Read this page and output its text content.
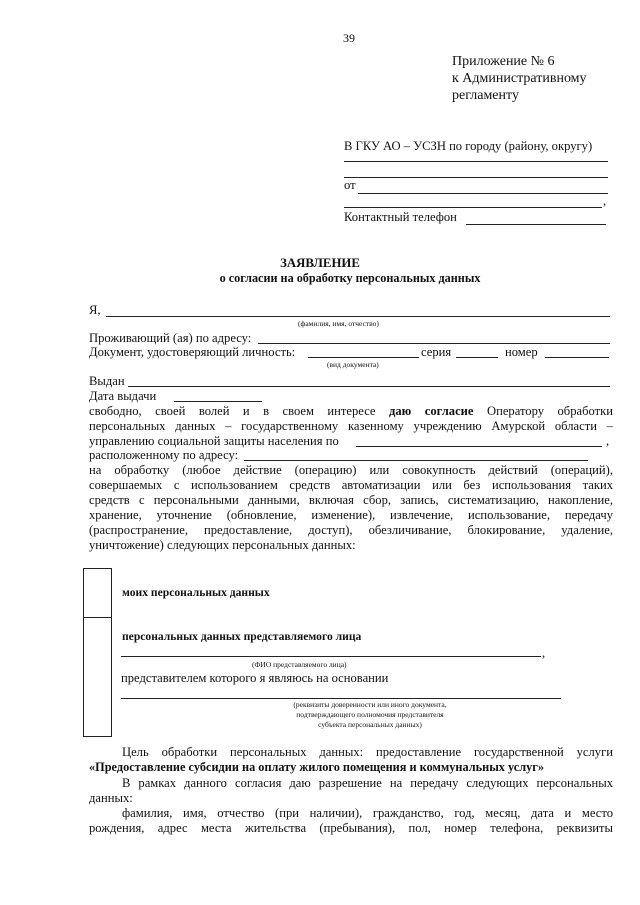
39
Приложение № 6
к Административному
регламенту
В ГКУ АО – УСЗН по городу (району, округу)
от
,
Контактный телефон
ЗАЯВЛЕНИЕ
о согласии на обработку персональных данных
Я,
(фамилия, имя, отчество)
Проживающий (ая) по адресу:
Документ, удостоверяющий личность:	серия	номер
(вид документа)
Выдан
Дата выдачи
свободно, своей волей и в своем интересе даю согласие Оператору обработки
персональных данных – государственному казенному учреждению Амурской области –
управлению социальной защиты населения по	,
расположенному по адресу:
на обработку (любое действие (операцию) или совокупность действий (операций),
совершаемых с использованием средств автоматизации или без использования таких
средств с персональными данными, включая сбор, запись, систематизацию, накопление,
хранение, уточнение (обновление, изменение), извлечение, использование, передачу
(распространение, предоставление, доступ), обезличивание, блокирование, удаление,
уничтожение) следующих персональных данных:
моих персональных данных
персональных данных представляемого лица
,
(ФИО представляемого лица)
представителем которого я являюсь на основании
(реквизиты доверенности или иного документа,
подтверждающего полномочия представителя
субъекта персональных данных)
Цель обработки персональных данных: предоставление государственной услуги
«Предоставление субсидии на оплату жилого помещения и коммунальных услуг»
В рамках данного согласия даю разрешение на передачу следующих персональных
данных:
фамилия, имя, отчество (при наличии), гражданство, год, месяц, дата и место
рождения, адрес места жительства (пребывания), пол, номер телефона, реквизиты
